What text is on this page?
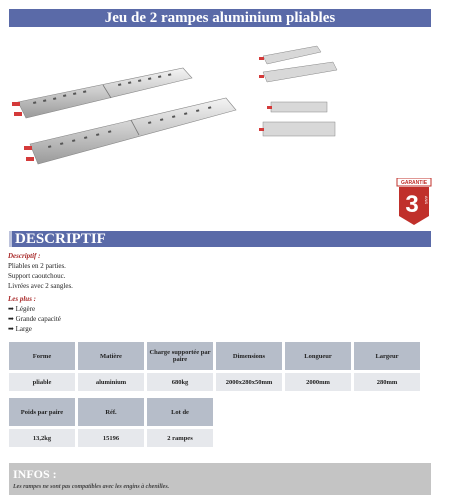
Jeu de 2 rampes aluminium pliables
GARANTIE
3 ANS
DESCRIPTIF
Descriptif :
Pliables en 2 parties.
Support caoutchouc.
Livrées avec 2 sangles.
Les plus :
➡ Légère
➡ Grande capacité
➡ Large
Forme	Matière	Charge supportée par paire	Dimensions	Longueur	Largeur
pliable	aluminium	680kg	2000x280x50mm	2000mm	280mm
Poids par paire	Réf.	Lot de
13,2kg	15196	2 rampes
INFOS :
Les rampes ne sont pas compatibles avec les engins à chenilles.
